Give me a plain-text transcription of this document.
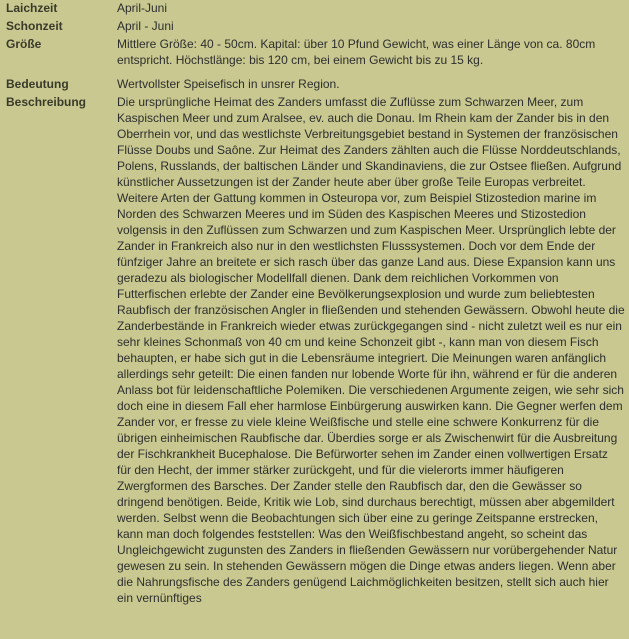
Laichzeit	April-Juni
Schonzeit	April - Juni
Größe	Mittlere Größe: 40 - 50cm. Kapital: über 10 Pfund Gewicht, was einer Länge von ca. 80cm entspricht. Höchstlänge: bis 120 cm, bei einem Gewicht bis zu 15 kg.
Bedeutung	Wertvollster Speisefisch in unsrer Region.
Beschreibung	Die ursprüngliche Heimat des Zanders umfasst die Zuflüsse zum Schwarzen Meer, zum Kaspischen Meer und zum Aralsee, ev. auch die Donau. Im Rhein kam der Zander bis in den Oberrhein vor, und das westlichste Verbreitungsgebiet bestand in Systemen der französischen Flüsse Doubs und Saône. Zur Heimat des Zanders zählten auch die Flüsse Norddeutschlands, Polens, Russlands, der baltischen Länder und Skandinaviens, die zur Ostsee fließen. Aufgrund künstlicher Aussetzungen ist der Zander heute aber über große Teile Europas verbreitet. Weitere Arten der Gattung kommen in Osteuropa vor, zum Beispiel Stizostedion marine im Norden des Schwarzen Meeres und im Süden des Kaspischen Meeres und Stizostedion volgensis in den Zuflüssen zum Schwarzen und zum Kaspischen Meer. Ursprünglich lebte der Zander in Frankreich also nur in den westlichsten Flusssystemen. Doch vor dem Ende der fünfziger Jahre an breitete er sich rasch über das ganze Land aus. Diese Expansion kann uns geradezu als biologischer Modellfall dienen. Dank dem reichlichen Vorkommen von Futterfischen erlebte der Zander eine Bevölkerungsexplosion und wurde zum beliebtesten Raubfisch der französischen Angler in fließenden und stehenden Gewässern. Obwohl heute die Zanderbestände in Frankreich wieder etwas zurückgegangen sind - nicht zuletzt weil es nur ein sehr kleines Schonmaß von 40 cm und keine Schonzeit gibt -, kann man von diesem Fisch behaupten, er habe sich gut in die Lebensräume integriert. Die Meinungen waren anfänglich allerdings sehr geteilt: Die einen fanden nur lobende Worte für ihn, während er für die anderen Anlass bot für leidenschaftliche Polemiken. Die verschiedenen Argumente zeigen, wie sehr sich doch eine in diesem Fall eher harmlose Einbürgerung auswirken kann. Die Gegner werfen dem Zander vor, er fresse zu viele kleine Weißfische und stelle eine schwere Konkurrenz für die übrigen einheimischen Raubfische dar. Überdies sorge er als Zwischenwirt für die Ausbreitung der Fischkrankheit Bucephalose. Die Befürworter sehen im Zander einen vollwertigen Ersatz für den Hecht, der immer stärker zurückgeht, und für die vielerorts immer häufigeren Zwergformen des Barsches. Der Zander stelle den Raubfisch dar, den die Gewässer so dringend benötigen. Beide, Kritik wie Lob, sind durchaus berechtigt, müssen aber abgemildert werden. Selbst wenn die Beobachtungen sich über eine zu geringe Zeitspanne erstrecken, kann man doch folgendes feststellen: Was den Weißfischbestand angeht, so scheint das Ungleichgewicht zugunsten des Zanders in fließenden Gewässern nur vorübergehender Natur gewesen zu sein. In stehenden Gewässern mögen die Dinge etwas anders liegen. Wenn aber die Nahrungsfische des Zanders genügend Laichmöglichkeiten besitzen, stellt sich auch hier ein vernünftiges
